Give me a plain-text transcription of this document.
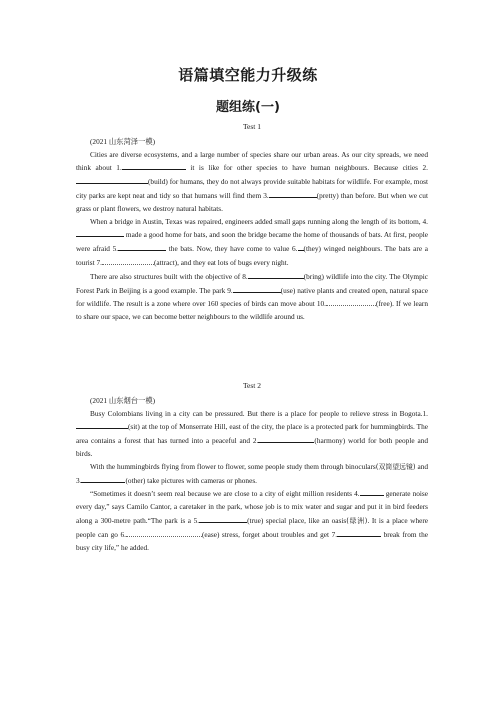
语篇填空能力升级练
题组练(一)
Test 1

(2021 山东菏泽一模)

Cities are diverse ecosystems, and a large number of species share our urban areas. As our city spreads, we need think about 1.	it is like for other species to have human neighbours. Because cities 2.(build) for humans, they do not always provide suitable habitats for wildlife. For example, most city parks are kept neat and tidy so that humans will find them 3.	(pretty) than before. But when we cut grass or plant flowers, we destroy natural habitats.

When a bridge in Austin, Texas was repaired, engineers added small gaps running along the length of its bottom, 4. made a good home for bats, and soon the bridge became the home of thousands of bats. At first, people were afraid 5.	the bats. Now, they have come to value 6. (they) winged neighbours. The bats are a tourist 7.	(attract), and they eat lots of bugs every night.

There are also structures built with the objective of 8.	(bring) wildlife into the city. The Olympic Forest Park in Beijing is a good example. The park 9.	(use) native plants and created open, natural space for wildlife. The result is a zone where over 160 species of birds can move about 10.	(free). If we learn to share our space, we can become better neighbours to the wildlife around us.

Test 2

(2021 山东烟台一模)

Busy Colombians living in a city can be pressured. But there is a place for people to relieve stress in Bogota.1.(sit) at the top of Monserrate Hill, east of the city, the place is a protected park for hummingbirds. The area contains a forest that has turned into a peaceful and 2.	(harmony) world for both people and birds.

With the hummingbirds flying from flower to flower, some people study them through binoculars(双筒望远镜) and 3.	(other) take pictures with cameras or phones.

“Sometimes it doesn’t seem real because we are close to a city of eight million residents 4.	generate noise every day,” says Camilo Cantor, a caretaker in the park, whose job is to mix water and sugar and put it in bird feeders along a 300-metre path.“The park is a 5.	(true) special place, like an oasis(绿洲). It is a place where people can go 6.	(ease) stress, forget about troubles and get 7.	break from the busy city life,” he added.
